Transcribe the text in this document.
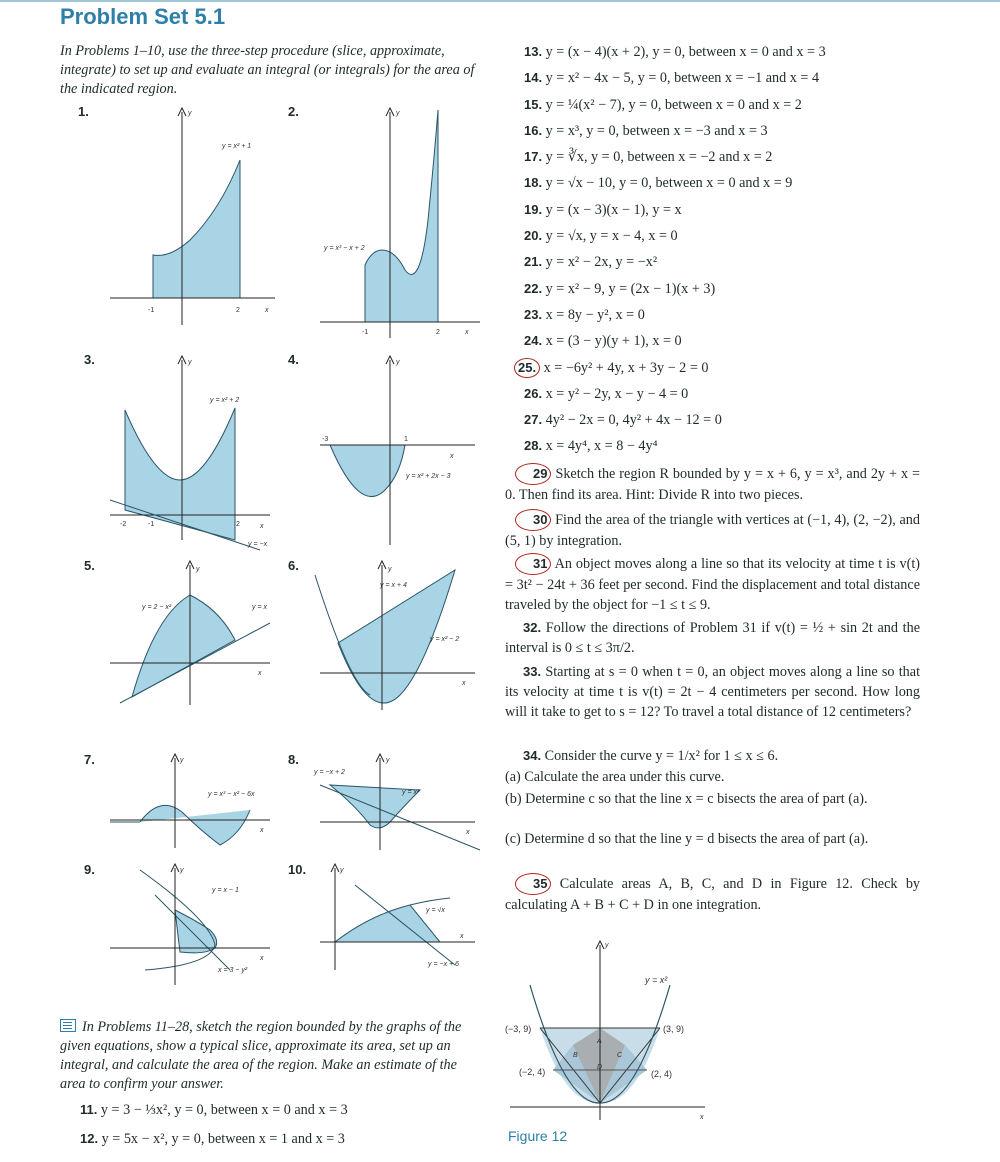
Problem Set 5.1
In Problems 1–10, use the three-step procedure (slice, approximate, integrate) to set up and evaluate an integral (or integrals) for the area of the indicated region.
1.	y
x
y = x² + 1
-1	2
2.	y
x
y = x³ − x + 2
-1	2
3.	y
x
y = x² + 2
y = −x
-2	-1	2
4.	y
x
y = x² + 2x − 3
-3	1
5.	y
x
y = 2 − x²	y = x
6.	y
x
y = x + 4
y = x² − 2
7.	y
x
y = x³ − x² − 6x
8.	y
x
y = −x + 2
y = x²
9.	y
x
y = x − 1
x = 3 − y²
10.	y
x
y = √x
y = −x + 6
In Problems 11–28, sketch the region bounded by the graphs of the given equations, show a typical slice, approximate its area, set up an integral, and calculate the area of the region. Make an estimate of the area to confirm your answer.
11. y = 3 − ⅓x², y = 0, between x = 0 and x = 3
12. y = 5x − x², y = 0, between x = 1 and x = 3
13. y = (x − 4)(x + 2), y = 0, between x = 0 and x = 3
14. y = x² − 4x − 5, y = 0, between x = −1 and x = 4
15. y = ¼(x² − 7), y = 0, between x = 0 and x = 2
16. y = x³, y = 0, between x = −3 and x = 3
17. y = ∛x, y = 0, between x = −2 and x = 2
18. y = √x − 10, y = 0, between x = 0 and x = 9
19. y = (x − 3)(x − 1), y = x
20. y = √x, y = x − 4, x = 0
21. y = x² − 2x, y = −x²
22. y = x² − 9, y = (2x − 1)(x + 3)
23. x = 8y − y², x = 0
24. x = (3 − y)(y + 1), x = 0
25. x = −6y² + 4y, x + 3y − 2 = 0
26. x = y² − 2y, x − y − 4 = 0
27. 4y² − 2x = 0, 4y² + 4x − 12 = 0
28. x = 4y⁴, x = 8 − 4y⁴
29 Sketch the region R bounded by y = x + 6, y = x³, and 2y + x = 0. Then find its area. Hint: Divide R into two pieces.
30 Find the area of the triangle with vertices at (−1, 4), (2, −2), and (5, 1) by integration.
31 An object moves along a line so that its velocity at time t is v(t) = 3t² − 24t + 36 feet per second. Find the displacement and total distance traveled by the object for −1 ≤ t ≤ 9.
32. Follow the directions of Problem 31 if v(t) = ½ + sin 2t and the interval is 0 ≤ t ≤ 3π/2.
33. Starting at s = 0 when t = 0, an object moves along a line so that its velocity at time t is v(t) = 2t − 4 centimeters per second. How long will it take to get to s = 12? To travel a total distance of 12 centimeters?
34. Consider the curve y = 1/x² for 1 ≤ x ≤ 6.
(a) Calculate the area under this curve.
(b) Determine c so that the line x = c bisects the area of part (a).
(c) Determine d so that the line y = d bisects the area of part (a).
35 Calculate areas A, B, C, and D in Figure 12. Check by calculating A + B + C + D in one integration.
y
x
y = x²
(−3, 9)	(3, 9)
(−2, 4)	(2, 4)
A
B	C
D
Figure 12
